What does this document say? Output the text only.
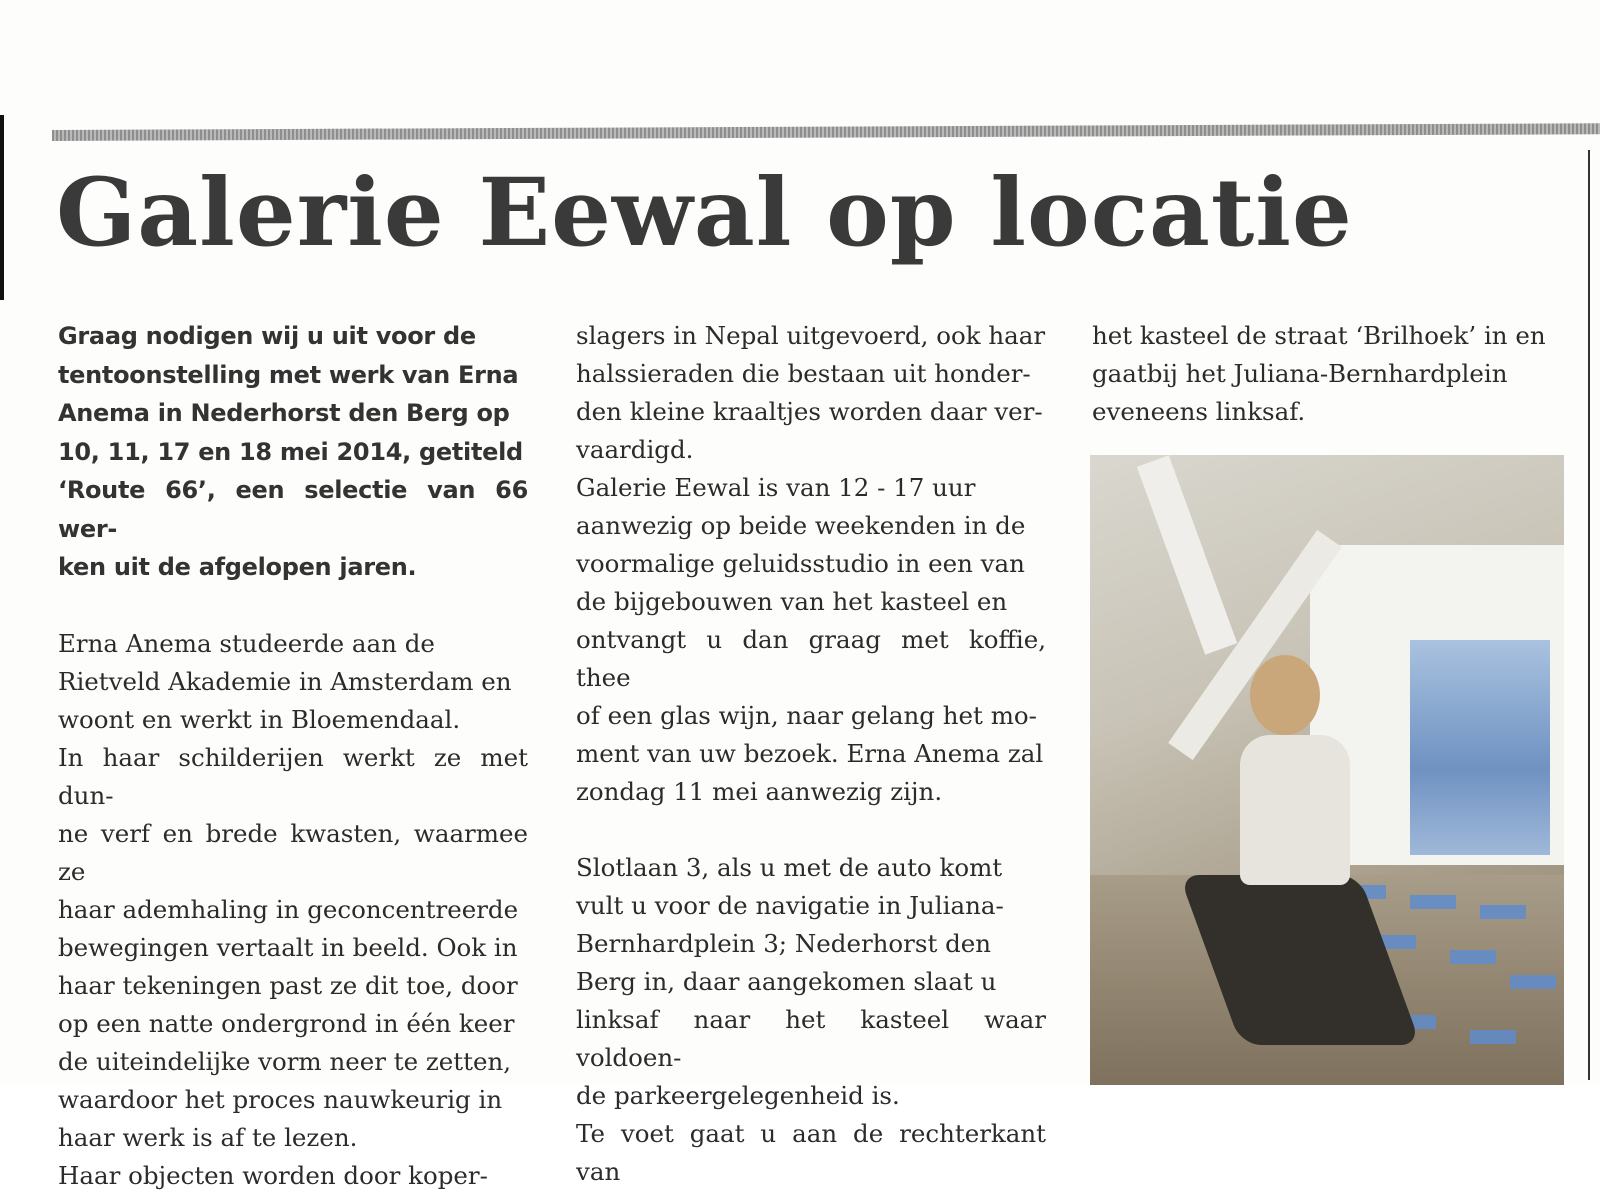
Galerie Eewal op locatie

Graag nodigen wij u uit voor de

tentoonstelling met werk van Erna

Anema in Nederhorst den Berg op

10, 11, 17 en 18 mei 2014, getiteld

‘Route 66’, een selectie van 66 wer-

ken uit de afgelopen jaren.

Erna Anema studeerde aan de

Rietveld Akademie in Amsterdam en

woont en werkt in Bloemendaal.

In haar schilderijen werkt ze met dun-

ne verf en brede kwasten, waarmee ze

haar ademhaling in geconcentreerde

bewegingen vertaalt in beeld. Ook in

haar tekeningen past ze dit toe, door

op een natte ondergrond in één keer

de uiteindelijke vorm neer te zetten,

waardoor het proces nauwkeurig in

haar werk is af te lezen.

Haar objecten worden door koper-

slagers in Nepal uitgevoerd, ook haar

halssieraden die bestaan uit honder-

den kleine kraaltjes worden daar ver-

vaardigd.

Galerie Eewal is van 12 - 17 uur

aanwezig op beide weekenden in de

voormalige geluidsstudio in een van

de bijgebouwen van het kasteel en

ontvangt u dan graag met koffie, thee

of een glas wijn, naar gelang het mo-

ment van uw bezoek. Erna Anema zal

zondag 11 mei aanwezig zijn.

Slotlaan 3, als u met de auto komt

vult u voor de navigatie in Juliana-

Bernhardplein 3; Nederhorst den

Berg in, daar aangekomen slaat u

linksaf naar het kasteel waar voldoen-

de parkeergelegenheid is.

Te voet gaat u aan de rechterkant van

het kasteel de straat ‘Brilhoek’ in en

gaatbij het Juliana-Bernhardplein

eveneens linksaf.
